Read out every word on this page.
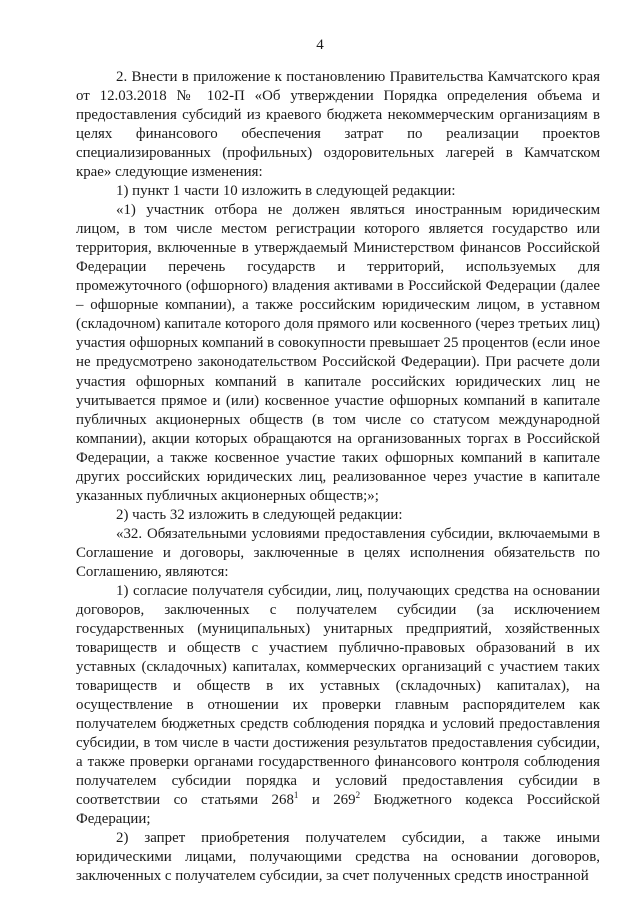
4

2. Внести в приложение к постановлению Правительства Камчатского края от 12.03.2018 № 102-П «Об утверждении Порядка определения объема и предоставления субсидий из краевого бюджета некоммерческим организациям в целях финансового обеспечения затрат по реализации проектов специализированных (профильных) оздоровительных лагерей в Камчатском крае» следующие изменения:

1) пункт 1 части 10 изложить в следующей редакции:

«1) участник отбора не должен являться иностранным юридическим лицом, в том числе местом регистрации которого является государство или территория, включенные в утверждаемый Министерством финансов Российской Федерации перечень государств и территорий, используемых для промежуточного (офшорного) владения активами в Российской Федерации (далее – офшорные компании), а также российским юридическим лицом, в уставном (складочном) капитале которого доля прямого или косвенного (через третьих лиц) участия офшорных компаний в совокупности превышает 25 процентов (если иное не предусмотрено законодательством Российской Федерации). При расчете доли участия офшорных компаний в капитале российских юридических лиц не учитывается прямое и (или) косвенное участие офшорных компаний в капитале публичных акционерных обществ (в том числе со статусом международной компании), акции которых обращаются на организованных торгах в Российской Федерации, а также косвенное участие таких офшорных компаний в капитале других российских юридических лиц, реализованное через участие в капитале указанных публичных акционерных обществ;»;

2) часть 32 изложить в следующей редакции:

«32. Обязательными условиями предоставления субсидии, включаемыми в Соглашение и договоры, заключенные в целях исполнения обязательств по Соглашению, являются:

1) согласие получателя субсидии, лиц, получающих средства на основании договоров, заключенных с получателем субсидии (за исключением государственных (муниципальных) унитарных предприятий, хозяйственных товариществ и обществ с участием публично-правовых образований в их уставных (складочных) капиталах, коммерческих организаций с участием таких товариществ и обществ в их уставных (складочных) капиталах), на осуществление в отношении их проверки главным распорядителем как получателем бюджетных средств соблюдения порядка и условий предоставления субсидии, в том числе в части достижения результатов предоставления субсидии, а также проверки органами государственного финансового контроля соблюдения получателем субсидии порядка и условий предоставления субсидии в соответствии со статьями $268^1$ и $269^2$ Бюджетного кодекса Российской Федерации;

2) запрет приобретения получателем субсидии, а также иными юридическими лицами, получающими средства на основании договоров, заключенных с получателем субсидии, за счет полученных средств иностранной
